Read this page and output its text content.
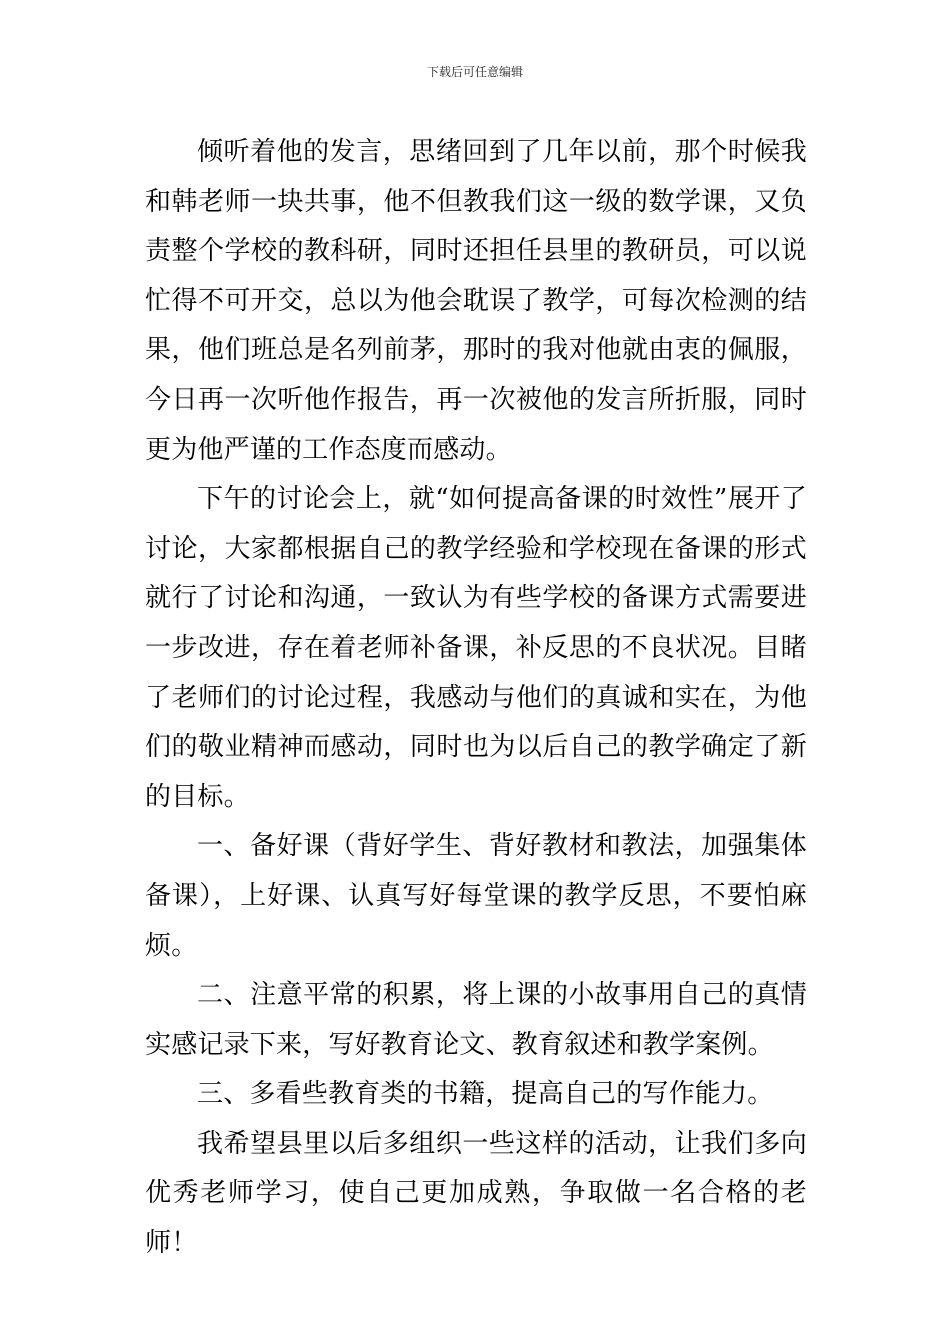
下载后可任意编辑

倾听着他的发言，思绪回到了几年以前，那个时候我和韩老师一块共事，他不但教我们这一级的数学课，又负责整个学校的教科研，同时还担任县里的教研员，可以说忙得不可开交，总以为他会耽误了教学，可每次检测的结果，他们班总是名列前茅，那时的我对他就由衷的佩服，今日再一次听他作报告，再一次被他的发言所折服，同时更为他严谨的工作态度而感动。

下午的讨论会上，就“如何提高备课的时效性”展开了讨论，大家都根据自己的教学经验和学校现在备课的形式就行了讨论和沟通，一致认为有些学校的备课方式需要进一步改进，存在着老师补备课，补反思的不良状况。目睹了老师们的讨论过程，我感动与他们的真诚和实在，为他们的敬业精神而感动，同时也为以后自己的教学确定了新的目标。

一、备好课（背好学生、背好教材和教法，加强集体备课），上好课、认真写好每堂课的教学反思，不要怕麻烦。

二、注意平常的积累，将上课的小故事用自己的真情实感记录下来，写好教育论文、教育叙述和教学案例。

三、多看些教育类的书籍，提高自己的写作能力。

我希望县里以后多组织一些这样的活动，让我们多向优秀老师学习，使自己更加成熟，争取做一名合格的老师！
